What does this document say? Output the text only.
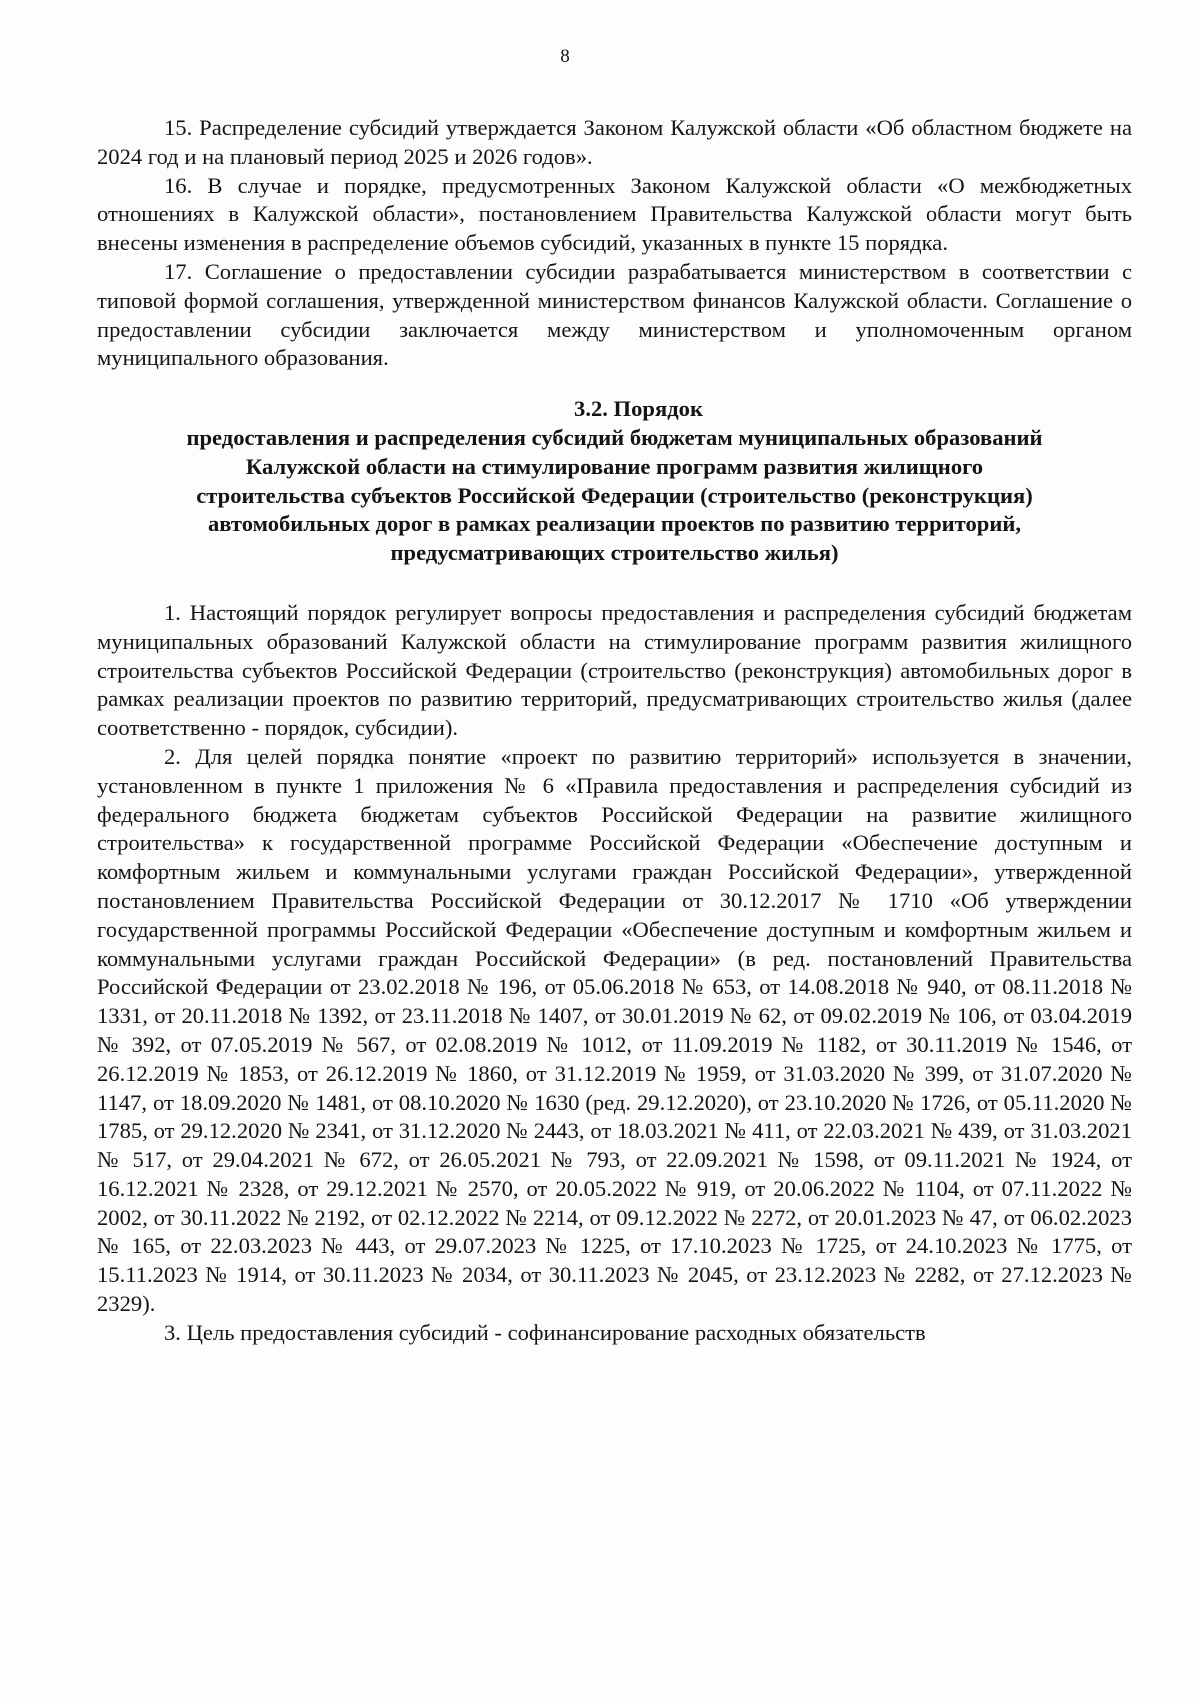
8

15. Распределение субсидий утверждается Законом Калужской области «Об областном бюджете на 2024 год и на плановый период 2025 и 2026 годов».

16. В случае и порядке, предусмотренных Законом Калужской области «О межбюджетных отношениях в Калужской области», постановлением Правительства Калужской области могут быть внесены изменения в распределение объемов субсидий, указанных в пункте 15 порядка.

17. Соглашение о предоставлении субсидии разрабатывается министерством в соответствии с типовой формой соглашения, утвержденной министерством финансов Калужской области. Соглашение о предоставлении субсидии заключается между министерством и уполномоченным органом муниципального образования.

3.2. Порядок
предоставления и распределения субсидий бюджетам муниципальных образований
Калужской области на стимулирование программ развития жилищного
строительства субъектов Российской Федерации (строительство (реконструкция)
автомобильных дорог в рамках реализации проектов по развитию территорий,
предусматривающих строительство жилья)

1. Настоящий порядок регулирует вопросы предоставления и распределения субсидий бюджетам муниципальных образований Калужской области на стимулирование программ развития жилищного строительства субъектов Российской Федерации (строительство (реконструкция) автомобильных дорог в рамках реализации проектов по развитию территорий, предусматривающих строительство жилья (далее соответственно - порядок, субсидии).

2. Для целей порядка понятие «проект по развитию территорий» используется в значении, установленном в пункте 1 приложения № 6 «Правила предоставления и распределения субсидий из федерального бюджета бюджетам субъектов Российской Федерации на развитие жилищного строительства» к государственной программе Российской Федерации «Обеспечение доступным и комфортным жильем и коммунальными услугами граждан Российской Федерации», утвержденной постановлением Правительства Российской Федерации от 30.12.2017 № 1710 «Об утверждении государственной программы Российской Федерации «Обеспечение доступным и комфортным жильем и коммунальными услугами граждан Российской Федерации» (в ред. постановлений Правительства Российской Федерации от 23.02.2018 № 196, от 05.06.2018 № 653, от 14.08.2018 № 940, от 08.11.2018 № 1331, от 20.11.2018 № 1392, от 23.11.2018 № 1407, от 30.01.2019 № 62, от 09.02.2019 № 106, от 03.04.2019 № 392, от 07.05.2019 № 567, от 02.08.2019 № 1012, от 11.09.2019 № 1182, от 30.11.2019 № 1546, от 26.12.2019 № 1853, от 26.12.2019 № 1860, от 31.12.2019 № 1959, от 31.03.2020 № 399, от 31.07.2020 № 1147, от 18.09.2020 № 1481, от 08.10.2020 № 1630 (ред. 29.12.2020), от 23.10.2020 № 1726, от 05.11.2020 № 1785, от 29.12.2020 № 2341, от 31.12.2020 № 2443, от 18.03.2021 № 411, от 22.03.2021 № 439, от 31.03.2021 № 517, от 29.04.2021 № 672, от 26.05.2021 № 793, от 22.09.2021 № 1598, от 09.11.2021 № 1924, от 16.12.2021 № 2328, от 29.12.2021 № 2570, от 20.05.2022 № 919, от 20.06.2022 № 1104, от 07.11.2022 № 2002, от 30.11.2022 № 2192, от 02.12.2022 № 2214, от 09.12.2022 № 2272, от 20.01.2023 № 47, от 06.02.2023 № 165, от 22.03.2023 № 443, от 29.07.2023 № 1225, от 17.10.2023 № 1725, от 24.10.2023 № 1775, от 15.11.2023 № 1914, от 30.11.2023 № 2034, от 30.11.2023 № 2045, от 23.12.2023 № 2282, от 27.12.2023 № 2329).

3. Цель предоставления субсидий - софинансирование расходных обязательств
